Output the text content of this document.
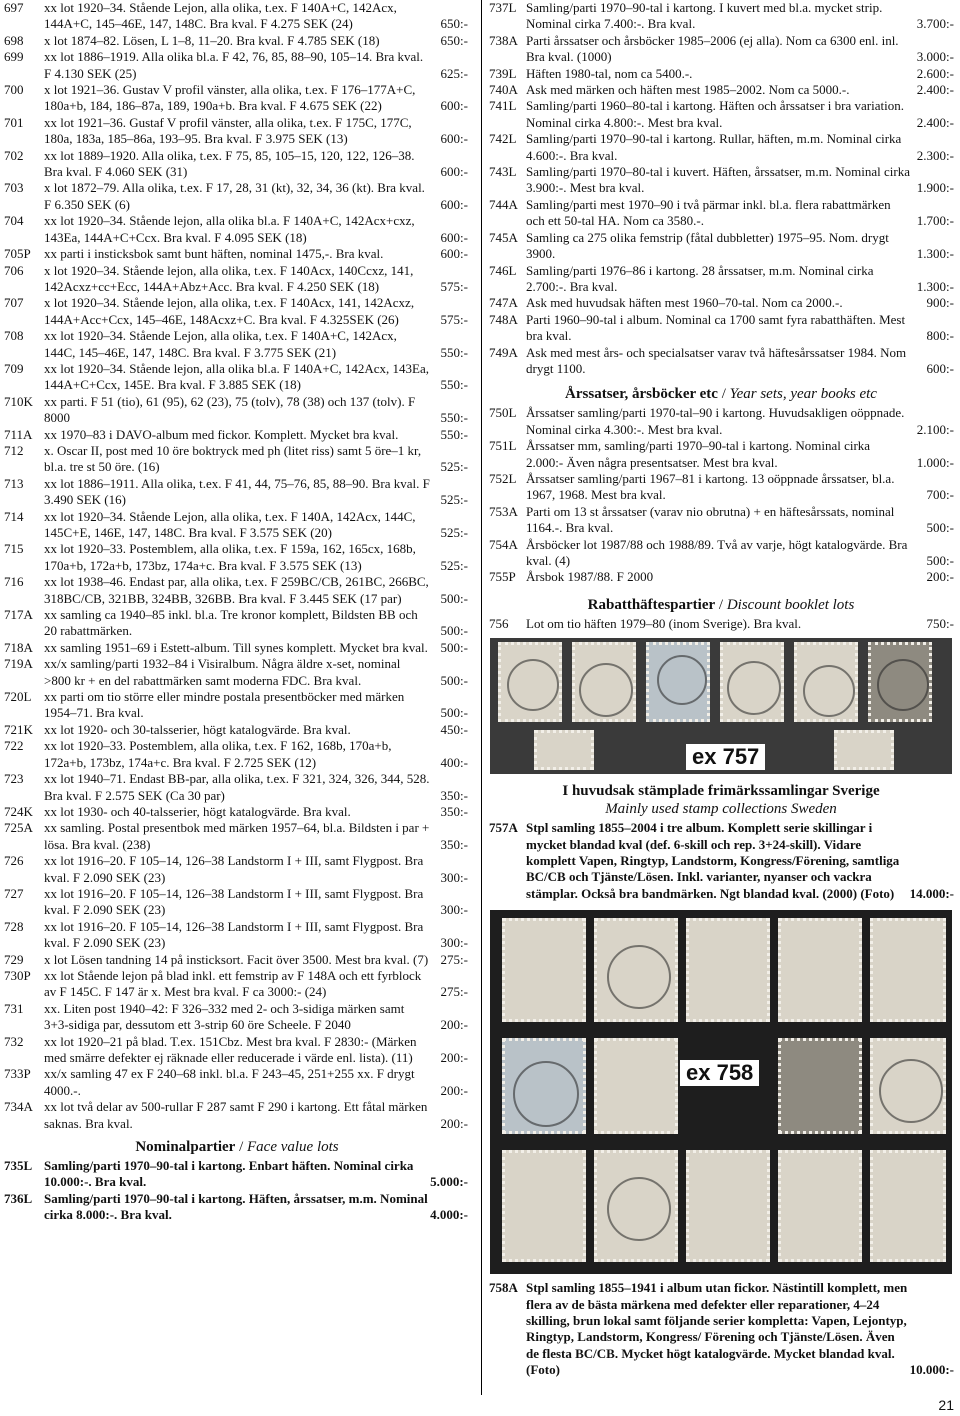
697 xx lot 1920–34. Stående Lejon, alla olika, t.ex. F 140A+C, 142Acx, 144A+C, 145–46E, 147, 148C. Bra kval. F 4.275 SEK (24)	650:-
698 x lot 1874–82. Lösen, L 1–8, 11–20. Bra kval. F 4.785 SEK (18)	650:-
699 xx lot 1886–1919. Alla olika bl.a. F 42, 76, 85, 88–90, 105–14. Bra kval. F 4.130 SEK (25)	625:-
700 x lot 1921–36. Gustav V profil vänster, alla olika, t.ex. F 176–177A+C, 180a+b, 184, 186–87a, 189, 190a+b. Bra kval. F 4.675 SEK (22)	600:-
701 xx lot 1921–36. Gustaf V profil vänster, alla olika, t.ex. F 175C, 177C, 180a, 183a, 185–86a, 193–95. Bra kval. F 3.975 SEK (13)	600:-
702 xx lot 1889–1920. Alla olika, t.ex. F 75, 85, 105–15, 120, 122, 126–38. Bra kval. F 4.060 SEK (31)	600:-
703 x lot 1872–79. Alla olika, t.ex. F 17, 28, 31 (kt), 32, 34, 36 (kt). Bra kval. F 6.350 SEK (6)	600:-
704 xx lot 1920–34. Stående lejon, alla olika bl.a. F 140A+C, 142Acx+cxz, 143Ea, 144A+C+Ccx. Bra kval. F 4.095 SEK (18)	600:-
705P xx parti i insticksbok samt bunt häften, nominal 1475,-. Bra kval.	600:-
706 x lot 1920–34. Stående lejon, alla olika, t.ex. F 140Acx, 140Ccxz, 141, 142Acxz+cc+Ecc, 144A+Abz+Acc. Bra kval. F 4.250 SEK (18)	575:-
707 x lot 1920–34. Stående lejon, alla olika, t.ex. F 140Acx, 141, 142Acxz, 144A+Acc+Ccx, 145–46E, 148Acxz+C. Bra kval. F 4.325SEK (26)	575:-
708 xx lot 1920–34. Stående Lejon, alla olika, t.ex. F 140A+C, 142Acx, 144C, 145–46E, 147, 148C. Bra kval. F 3.775 SEK (21)	550:-
709 xx lot 1920–34. Stående lejon, alla olika bl.a. F 140A+C, 142Acx, 143Ea, 144A+C+Ccx, 145E. Bra kval. F 3.885 SEK (18)	550:-
710K xx parti. F 51 (tio), 61 (95), 62 (23), 75 (tolv), 78 (38) och 137 (tolv). F 8000	550:-
711A xx 1970–83 i DAVO-album med fickor. Komplett. Mycket bra kval.	550:-
712 x. Oscar II, post med 10 öre boktryck med ph (litet riss) samt 5 öre–1 kr, bl.a. tre st 50 öre. (16)	525:-
713 xx lot 1886–1911. Alla olika, t.ex. F 41, 44, 75–76, 85, 88–90. Bra kval. F 3.490 SEK (16)	525:-
714 xx lot 1920–34. Stående Lejon, alla olika, t.ex. F 140A, 142Acx, 144C, 145C+E, 146E, 147, 148C. Bra kval. F 3.575 SEK (20)	525:-
715 xx lot 1920–33. Postemblem, alla olika, t.ex. F 159a, 162, 165cx, 168b, 170a+b, 172a+b, 173bz, 174a+c. Bra kval. F 3.575 SEK (13)	525:-
716 xx lot 1938–46. Endast par, alla olika, t.ex. F 259BC/CB, 261BC, 266BC, 318BC/CB, 321BB, 324BB, 326BB. Bra kval. F 3.445 SEK (17 par)	500:-
717A xx samling ca 1940–85 inkl. bl.a. Tre kronor komplett, Bildsten BB och 20 rabattmärken.	500:-
718A xx samling 1951–69 i Estett-album. Till synes komplett. Mycket bra kval. 500:-
719A xx/x samling/parti 1932–84 i Visiralbum. Några äldre x-set, nominal >800 kr + en del rabattmärken samt moderna FDC. Bra kval.	500:-
720L xx parti om tio större eller mindre postala presentböcker med märken 1954–71. Bra kval.	500:-
721K xx lot 1920- och 30-talsserier, högt katalogvärde. Bra kval.	450:-
722 xx lot 1920–33. Postemblem, alla olika, t.ex. F 162, 168b, 170a+b, 172a+b, 173bz, 174a+c. Bra kval. F 2.725 SEK (12)	400:-
723 xx lot 1940–71. Endast BB-par, alla olika, t.ex. F 321, 324, 326, 344, 528. Bra kval. F 2.575 SEK (Ca 30 par)	350:-
724K xx lot 1930- och 40-talsserier, högt katalogvärde. Bra kval.	350:-
725A xx samling. Postal presentbok med märken 1957–64, bl.a. Bildsten i par + lösa. Bra kval. (238)	350:-
726 xx lot 1916–20. F 105–14, 126–38 Landstorm I + III, samt Flygpost. Bra kval. F 2.090 SEK (23)	300:-
727 xx lot 1916–20. F 105–14, 126–38 Landstorm I + III, samt Flygpost. Bra kval. F 2.090 SEK (23)	300:-
728 xx lot 1916–20. F 105–14, 126–38 Landstorm I + III, samt Flygpost. Bra kval. F 2.090 SEK (23)	300:-
729 x lot Lösen tandning 14 på insticksort. Facit över 3500. Mest bra kval. (7) 275:-
730P xx lot Stående lejon på blad inkl. ett femstrip av F 148A och ett fyrblock av F 145C. F 147 är x. Mest bra kval. F ca 3000:- (24)	275:-
731 xx. Liten post 1940–42: F 326–332 med 2- och 3-sidiga märken samt 3+3-sidiga par, dessutom ett 3-strip 60 öre Scheele. F 2040	200:-
732 xx lot 1920–21 på blad. T.ex. 151Cbz. Mest bra kval. F 2830:- (Märken med smärre defekter ej räknade eller reducerade i värde enl. lista). (11) 200:-
733P xx/x samling 47 ex F 240–68 inkl. bl.a. F 243–45, 251+255 xx. F drygt 4000.-.	200:-
734A xx lot två delar av 500-rullar F 287 samt F 290 i kartong. Ett fåtal märken saknas. Bra kval.	200:-
Nominalpartier / Face value lots
735L Samling/parti 1970–90-tal i kartong. Enbart häften. Nominal cirka 10.000:-. Bra kval.	5.000:-
736L Samling/parti 1970–90-tal i kartong. Häften, årssatser, m.m. Nominal cirka 8.000:-. Bra kval.	4.000:-
737L Samling/parti 1970–90-tal i kartong. I kuvert med bl.a. mycket strip. Nominal cirka 7.400:-. Bra kval.	3.700:-
738A Parti årssatser och årsböcker 1985–2006 (ej alla). Nom ca 6300 enl. inl. Bra kval. (1000)	3.000:-
739L Häften 1980-tal, nom ca 5400.-.	2.600:-
740A Ask med märken och häften mest 1985–2002. Nom ca 5000.-.	2.400:-
741L Samling/parti 1960–80-tal i kartong. Häften och årssatser i bra variation. Nominal cirka 4.800:-. Mest bra kval.	2.400:-
742L Samling/parti 1970–90-tal i kartong. Rullar, häften, m.m. Nominal cirka 4.600:-. Bra kval.	2.300:-
743L Samling/parti 1970–80-tal i kuvert. Häften, årssatser, m.m. Nominal cirka 3.900:-. Mest bra kval.	1.900:-
744A Samling/parti mest 1970–90 i två pärmar inkl. bl.a. flera rabattmärken och ett 50-tal HA. Nom ca 3580.-.	1.700:-
745A Samling ca 275 olika femstrip (fåtal dubbletter) 1975–95. Nom. drygt 3900.	1.300:-
746L Samling/parti 1976–86 i kartong. 28 årssatser, m.m. Nominal cirka 2.700:-. Bra kval.	1.300:-
747A Ask med huvudsak häften mest 1960–70-tal. Nom ca 2000.-.	900:-
748A Parti 1960–90-tal i album. Nominal ca 1700 samt fyra rabatthäften. Mest bra kval.	800:-
749A Ask med mest års- och specialsatser varav två häftesårssatser 1984. Nom drygt 1100.	600:-
Årssatser, årsböcker etc / Year sets, year books etc
750L Årssatser samling/parti 1970-tal–90 i kartong. Huvudsakligen oöppnade. Nominal cirka 4.300:-. Mest bra kval.	2.100:-
751L Årssatser mm, samling/parti 1970–90-tal i kartong. Nominal cirka 2.000:- Även några presentsatser. Mest bra kval.	1.000:-
752L Årssatser samling/parti 1967–81 i kartong. 13 oöppnade årssatser, bl.a. 1967, 1968. Mest bra kval.	700:-
753A Parti om 13 st årssatser (varav nio obrutna) + en häftesårssats, nominal 1164.-. Bra kval.	500:-
754A Årsböcker lot 1987/88 och 1988/89. Två av varje, högt katalogvärde. Bra kval. (4)	500:-
755P Årsbok 1987/88. F 2000	200:-
Rabatthäftespartier / Discount booklet lots
756 Lot om tio häften 1979–80 (inom Sverige). Bra kval.	750:-
ex 757
I huvudsak stämplade frimärkssamlingar Sverige
Mainly used stamp collections Sweden
757A Stpl samling 1855–2004 i tre album. Komplett serie skillingar i mycket blandad kval (def. 6-skill och rep. 3+24-skill). Vidare komplett Vapen, Ringtyp, Landstorm, Kongress/Förening, samtliga BC/CB och Tjänste/Lösen. Inkl. varianter, nyanser och vackra stämplar. Också bra bandmärken. Ngt blandad kval. (2000) (Foto) 14.000:-
ex 758
758A Stpl samling 1855–1941 i album utan fickor. Nästintill komplett, men flera av de bästa märkena med defekter eller reparationer, 4–24 skilling, brun lokal samt följande serier kompletta: Vapen, Lejontyp, Ringtyp, Landstorm, Kongress/ Förening och Tjänste/Lösen. Även de flesta BC/CB. Mycket högt katalogvärde. Mycket blandad kval. (Foto)	10.000:-
21
